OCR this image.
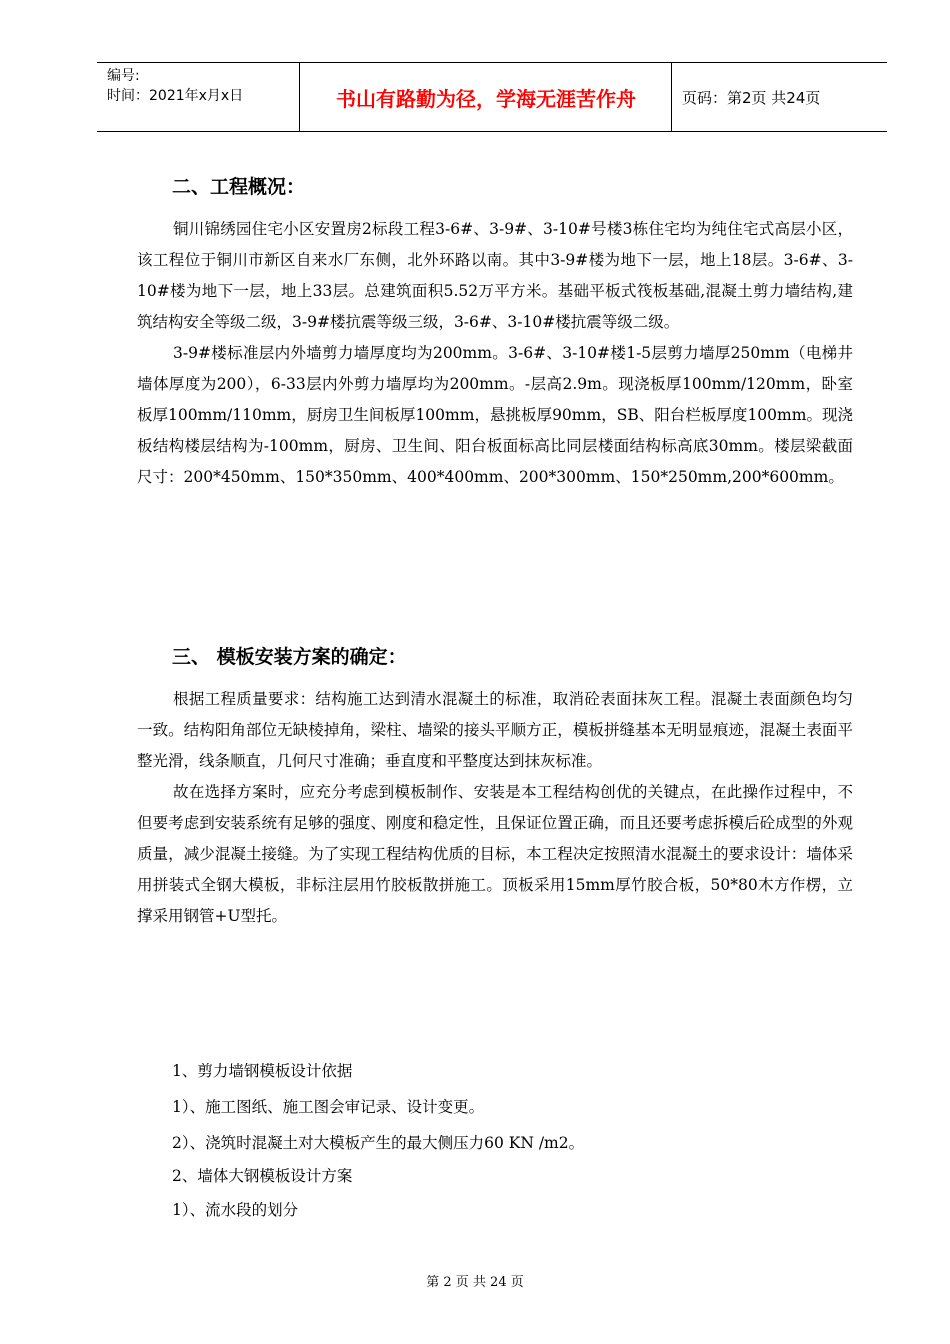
编号:
时间：2021年x月x日	书山有路勤为径，学海无涯苦作舟	页码：第2页 共24页
二、工程概况：

铜川锦绣园住宅小区安置房2标段工程3-6#、3-9#、3-10#号楼3栋住宅均为纯住宅式高层小区，该工程位于铜川市新区自来水厂东侧，北外环路以南。其中3-9#楼为地下一层，地上18层。3-6#、3-10#楼为地下一层，地上33层。总建筑面积5.52万平方米。基础平板式筏板基础,混凝土剪力墙结构,建筑结构安全等级二级，3-9#楼抗震等级三级，3-6#、3-10#楼抗震等级二级。

3-9#楼标准层内外墙剪力墙厚度均为200mm。3-6#、3-10#楼1-5层剪力墙厚250mm（电梯井墙体厚度为200），6-33层内外剪力墙厚均为200mm。-层高2.9m。现浇板厚100mm/120mm，卧室板厚100mm/110mm，厨房卫生间板厚100mm，悬挑板厚90mm，SB、阳台栏板厚度100mm。现浇板结构楼层结构为-100mm，厨房、卫生间、阳台板面标高比同层楼面结构标高底30mm。楼层梁截面尺寸：200*450mm、150*350mm、400*400mm、200*300mm、150*250mm,200*600mm。

三、 模板安装方案的确定：

根据工程质量要求：结构施工达到清水混凝土的标准，取消砼表面抹灰工程。混凝土表面颜色均匀一致。结构阳角部位无缺棱掉角，梁柱、墙梁的接头平顺方正，模板拼缝基本无明显痕迹，混凝土表面平整光滑，线条顺直，几何尺寸准确；垂直度和平整度达到抹灰标准。

故在选择方案时，应充分考虑到模板制作、安装是本工程结构创优的关键点，在此操作过程中，不但要考虑到安装系统有足够的强度、刚度和稳定性，且保证位置正确，而且还要考虑拆模后砼成型的外观质量，减少混凝土接缝。为了实现工程结构优质的目标，本工程决定按照清水混凝土的要求设计：墙体采用拼装式全钢大模板，非标注层用竹胶板散拼施工。顶板采用15mm厚竹胶合板，50*80木方作楞，立撑采用钢管+U型托。

1、剪力墙钢模板设计依据
1）、施工图纸、施工图会审记录、设计变更。
2）、浇筑时混凝土对大模板产生的最大侧压力60 KN /m2。
2、墙体大钢模板设计方案
1）、流水段的划分
第 2 页 共 24 页
